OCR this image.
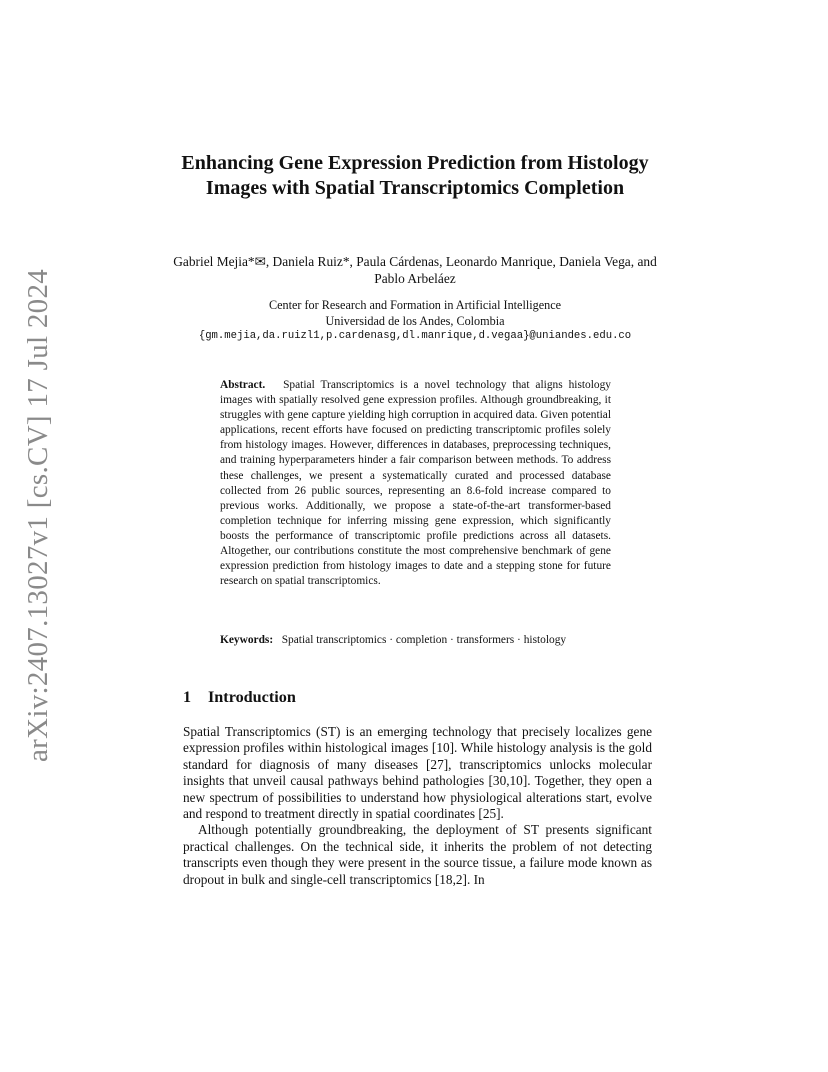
arXiv:2407.13027v1 [cs.CV] 17 Jul 2024
Enhancing Gene Expression Prediction from Histology Images with Spatial Transcriptomics Completion
Gabriel Mejia*✉, Daniela Ruiz*, Paula Cárdenas, Leonardo Manrique, Daniela Vega, and Pablo Arbeláez
Center for Research and Formation in Artificial Intelligence
Universidad de los Andes, Colombia
{gm.mejia,da.ruizl1,p.cardenasg,dl.manrique,d.vegaa}@uniandes.edu.co
Abstract.   Spatial Transcriptomics is a novel technology that aligns histology images with spatially resolved gene expression profiles. Although groundbreaking, it struggles with gene capture yielding high corruption in acquired data. Given potential applications, recent efforts have focused on predicting transcriptomic profiles solely from histology images. However, differences in databases, preprocessing techniques, and training hyperparameters hinder a fair comparison between methods. To address these challenges, we present a systematically curated and processed database collected from 26 public sources, representing an 8.6-fold increase compared to previous works. Additionally, we propose a state-of-the-art transformer-based completion technique for inferring missing gene expression, which significantly boosts the performance of transcriptomic profile predictions across all datasets. Altogether, our contributions constitute the most comprehensive benchmark of gene expression prediction from histology images to date and a stepping stone for future research on spatial transcriptomics.
Keywords:   Spatial transcriptomics · completion · transformers · histology
1 Introduction

Spatial Transcriptomics (ST) is an emerging technology that precisely localizes gene expression profiles within histological images [10]. While histology analysis is the gold standard for diagnosis of many diseases [27], transcriptomics unlocks molecular insights that unveil causal pathways behind pathologies [30,10]. Together, they open a new spectrum of possibilities to understand how physiological alterations start, evolve and respond to treatment directly in spatial coordinates [25].

Although potentially groundbreaking, the deployment of ST presents significant practical challenges. On the technical side, it inherits the problem of not detecting transcripts even though they were present in the source tissue, a failure mode known as dropout in bulk and single-cell transcriptomics [18,2]. In
